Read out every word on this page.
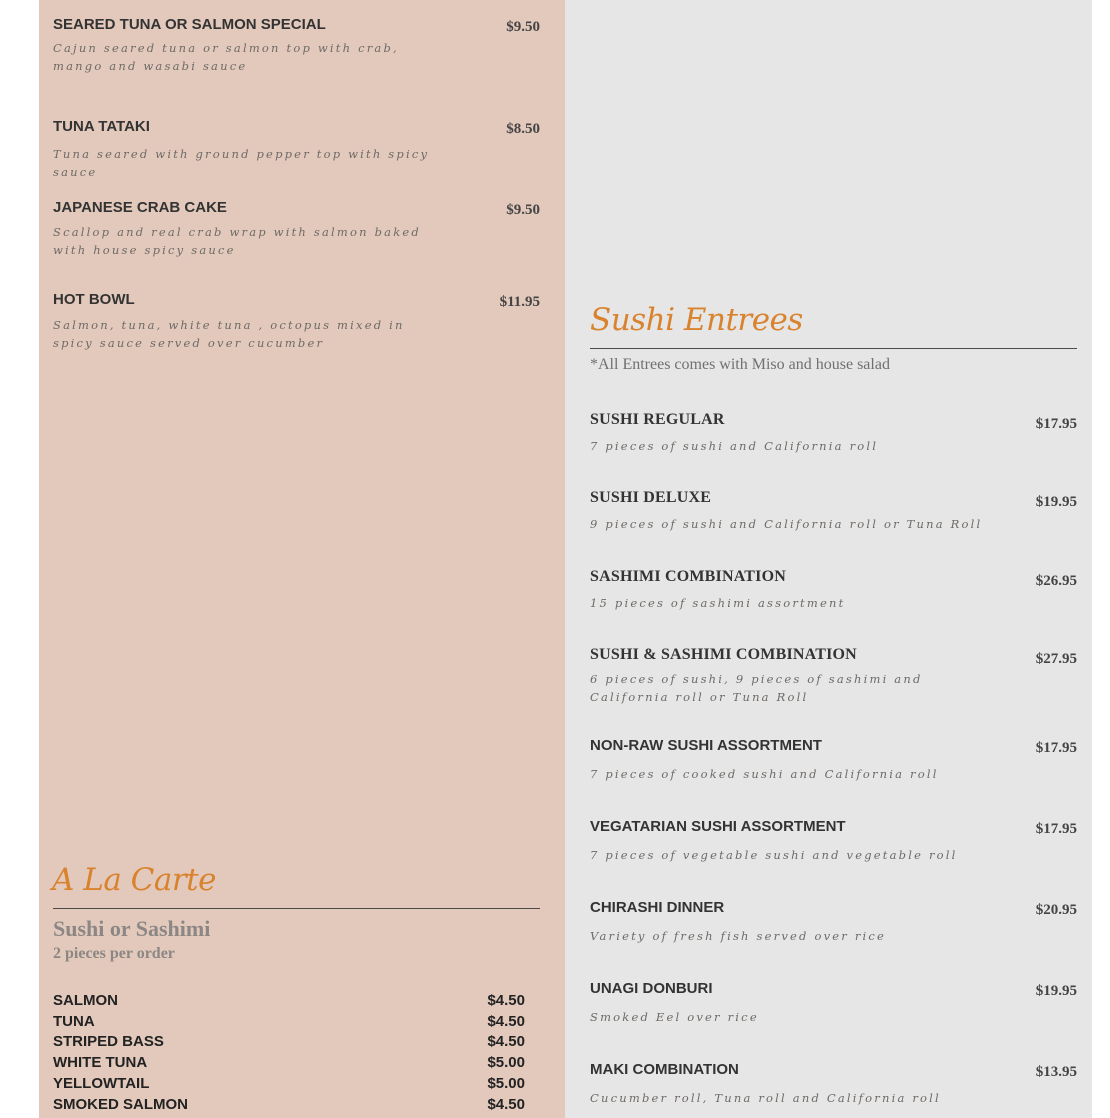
SEARED TUNA OR SALMON SPECIAL	$9.50
Cajun seared tuna or salmon top with crab, mango and wasabi sauce
TUNA TATAKI	$8.50
Tuna seared with ground pepper top with spicy sauce
JAPANESE CRAB CAKE	$9.50
Scallop and real crab wrap with salmon baked with house spicy sauce
HOT BOWL	$11.95
Salmon, tuna, white tuna , octopus mixed in spicy sauce served over cucumber
Sushi Entrees
*All Entrees comes with Miso and house salad
SUSHI REGULAR	$17.95
7 pieces of sushi and California roll
SUSHI DELUXE	$19.95
9 pieces of sushi and California roll or Tuna Roll
SASHIMI COMBINATION	$26.95
15 pieces of sashimi assortment
SUSHI & SASHIMI COMBINATION	$27.95
6 pieces of sushi, 9 pieces of sashimi and California roll or Tuna Roll
NON-RAW SUSHI ASSORTMENT	$17.95
7 pieces of cooked sushi and California roll
VEGATARIAN SUSHI ASSORTMENT	$17.95
7 pieces of vegetable sushi and vegetable roll
CHIRASHI DINNER	$20.95
Variety of fresh fish served over rice
UNAGI DONBURI	$19.95
Smoked Eel over rice
MAKI COMBINATION	$13.95
Cucumber roll, Tuna roll and California roll
A La Carte
Sushi or Sashimi
2 pieces per order
SALMON	$4.50
TUNA	$4.50
STRIPED BASS	$4.50
WHITE TUNA	$5.00
YELLOWTAIL	$5.00
SMOKED SALMON	$4.50
